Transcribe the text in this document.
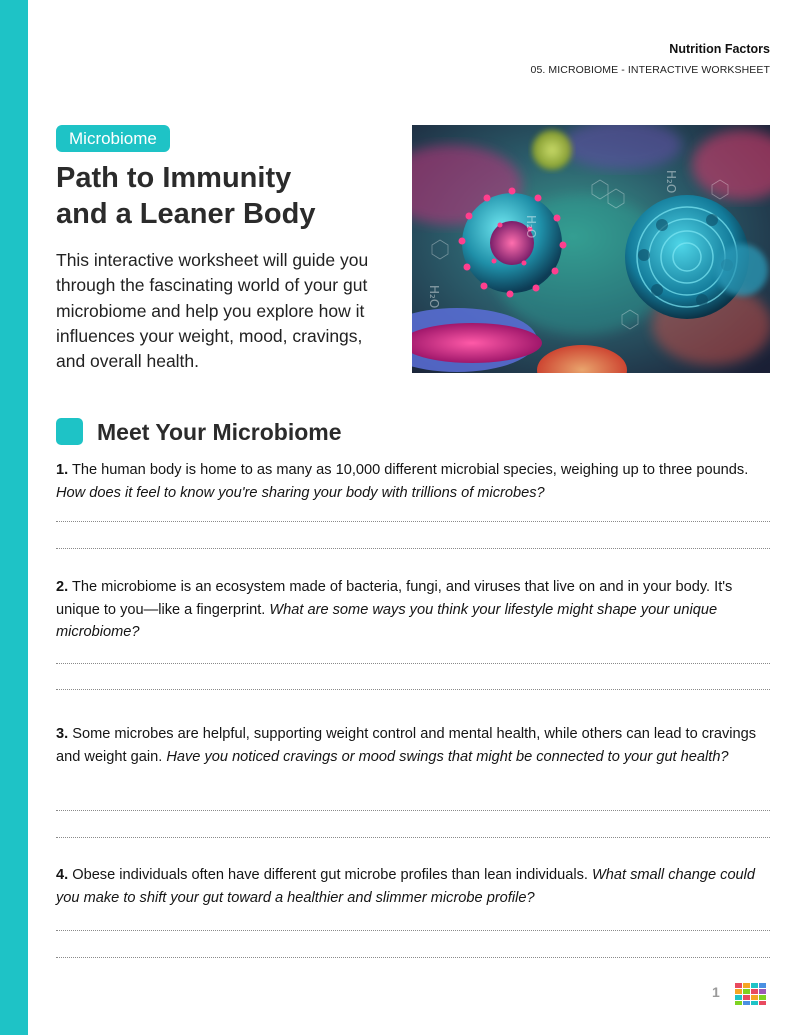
Nutrition Factors
05. MICROBIOME - INTERACTIVE WORKSHEET
Microbiome
Path to Immunity
and a Leaner Body

This interactive worksheet will guide you through the fascinating world of your gut microbiome and help you explore how it influences your weight, mood, cravings, and overall health.

H₂O
H₂O
H₂O
Meet Your Microbiome

1. The human body is home to as many as 10,000 different microbial species, weighing up to three pounds. How does it feel to know you're sharing your body with trillions of microbes?

2. The microbiome is an ecosystem made of bacteria, fungi, and viruses that live on and in your body. It's unique to you—like a fingerprint. What are some ways you think your lifestyle might shape your unique microbiome?

3. Some microbes are helpful, supporting weight control and mental health, while others can lead to cravings and weight gain. Have you noticed cravings or mood swings that might be connected to your gut health?

4. Obese individuals often have different gut microbe profiles than lean individuals. What small change could you make to shift your gut toward a healthier and slimmer microbe profile?

1
